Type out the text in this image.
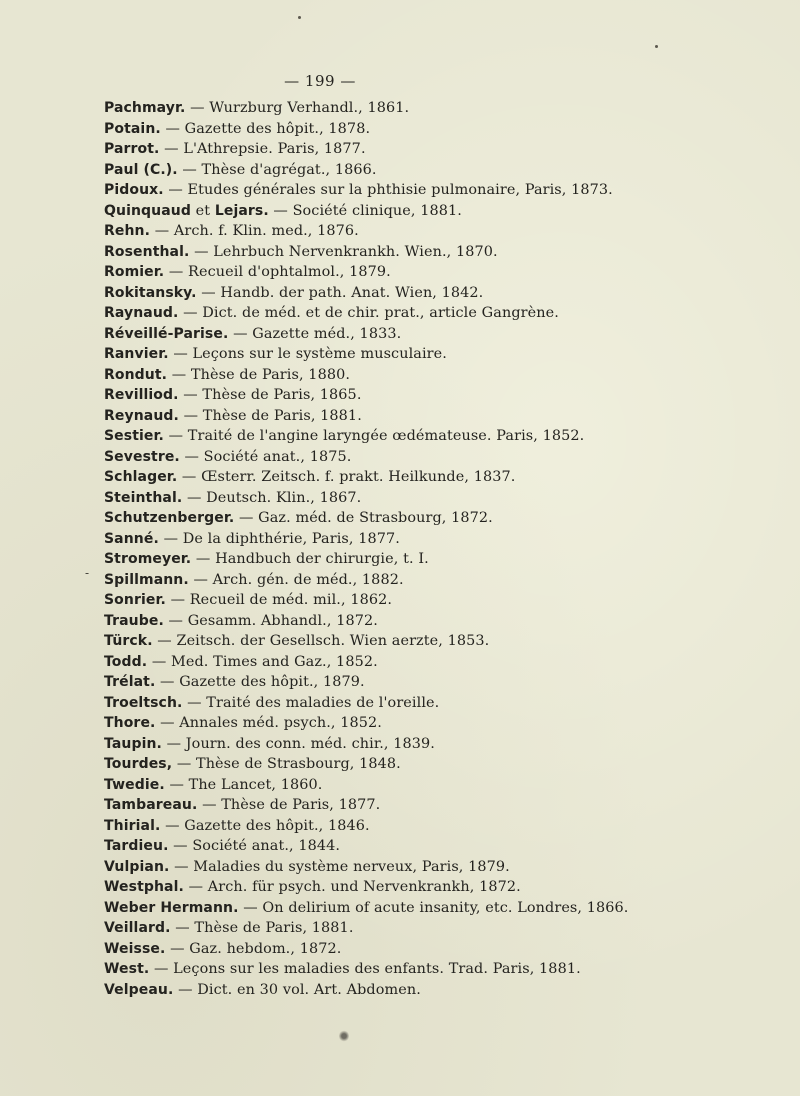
— 199 —
-
Pachmayr. — Wurzburg Verhandl., 1861.
Potain. — Gazette des hôpit., 1878.
Parrot. — L'Athrepsie. Paris, 1877.
Paul (C.). — Thèse d'agrégat., 1866.
Pidoux. — Etudes générales sur la phthisie pulmonaire, Paris, 1873.
Quinquaud et Lejars. — Société clinique, 1881.
Rehn. — Arch. f. Klin. med., 1876.
Rosenthal. — Lehrbuch Nervenkrankh. Wien., 1870.
Romier. — Recueil d'ophtalmol., 1879.
Rokitansky. — Handb. der path. Anat. Wien, 1842.
Raynaud. — Dict. de méd. et de chir. prat., article Gangrène.
Réveillé-Parise. — Gazette méd., 1833.
Ranvier. — Leçons sur le système musculaire.
Rondut. — Thèse de Paris, 1880.
Revilliod. — Thèse de Paris, 1865.
Reynaud. — Thèse de Paris, 1881.
Sestier. — Traité de l'angine laryngée œdémateuse. Paris, 1852.
Sevestre. — Société anat., 1875.
Schlager. — Œsterr. Zeitsch. f. prakt. Heilkunde, 1837.
Steinthal. — Deutsch. Klin., 1867.
Schutzenberger. — Gaz. méd. de Strasbourg, 1872.
Sanné. — De la diphthérie, Paris, 1877.
Stromeyer. — Handbuch der chirurgie, t. I.
Spillmann. — Arch. gén. de méd., 1882.
Sonrier. — Recueil de méd. mil., 1862.
Traube. — Gesamm. Abhandl., 1872.
Türck. — Zeitsch. der Gesellsch. Wien aerzte, 1853.
Todd. — Med. Times and Gaz., 1852.
Trélat. — Gazette des hôpit., 1879.
Troeltsch. — Traité des maladies de l'oreille.
Thore. — Annales méd. psych., 1852.
Taupin. — Journ. des conn. méd. chir., 1839.
Tourdes, — Thèse de Strasbourg, 1848.
Twedie. — The Lancet, 1860.
Tambareau. — Thèse de Paris, 1877.
Thirial. — Gazette des hôpit., 1846.
Tardieu. — Société anat., 1844.
Vulpian. — Maladies du système nerveux, Paris, 1879.
Westphal. — Arch. für psych. und Nervenkrankh, 1872.
Weber Hermann. — On delirium of acute insanity, etc. Londres, 1866.
Veillard. — Thèse de Paris, 1881.
Weisse. — Gaz. hebdom., 1872.
West. — Leçons sur les maladies des enfants. Trad. Paris, 1881.
Velpeau. — Dict. en 30 vol. Art. Abdomen.
